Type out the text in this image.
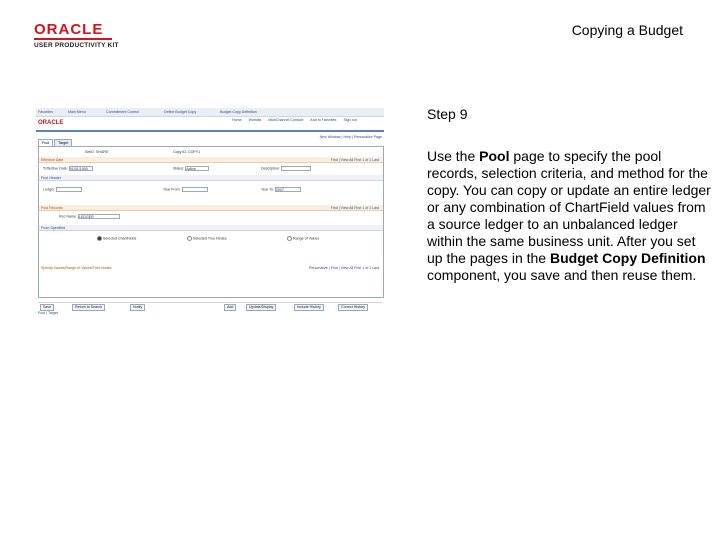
ORACLE
USER PRODUCTIVITY KIT
Copying a Budget
Favorites	Main Menu	Commitment Control	Define Budget Copy	Budget Copy Definition
ORACLE	Home Worklist MultiChannel Console Add to Favorites Sign out
New Window | Help | Personalize Page
Pool	Target
SetID: SHARE	Copy ID: COPY1
Effective Date	Find | View All First 1 of 1 Last
*Effective Date: 01/01/1900	Status: Active	Description:
Pool Header
Ledger:	Year From:	Year To: 2007
Pool Records	Find | View All First 1 of 1 Last
Rec Name: LEDGER
From Specified
Selected ChartFields	Selected Tree Nodes	Range of Values
Specify Values/Range of Values/Tree Nodes	Personalize | Find | View All First 1 of 1 Last
Save	Return to Search	Notify	Add	Update/Display	Include History	Correct History
Pool | Target
Step 9
Use the Pool page to specify the pool records, selection criteria, and method for the copy. You can copy or update an entire ledger or any combination of ChartField values from a source ledger to an unbalanced ledger within the same business unit. After you set up the pages in the Budget Copy Definition component, you save and then reuse them.
